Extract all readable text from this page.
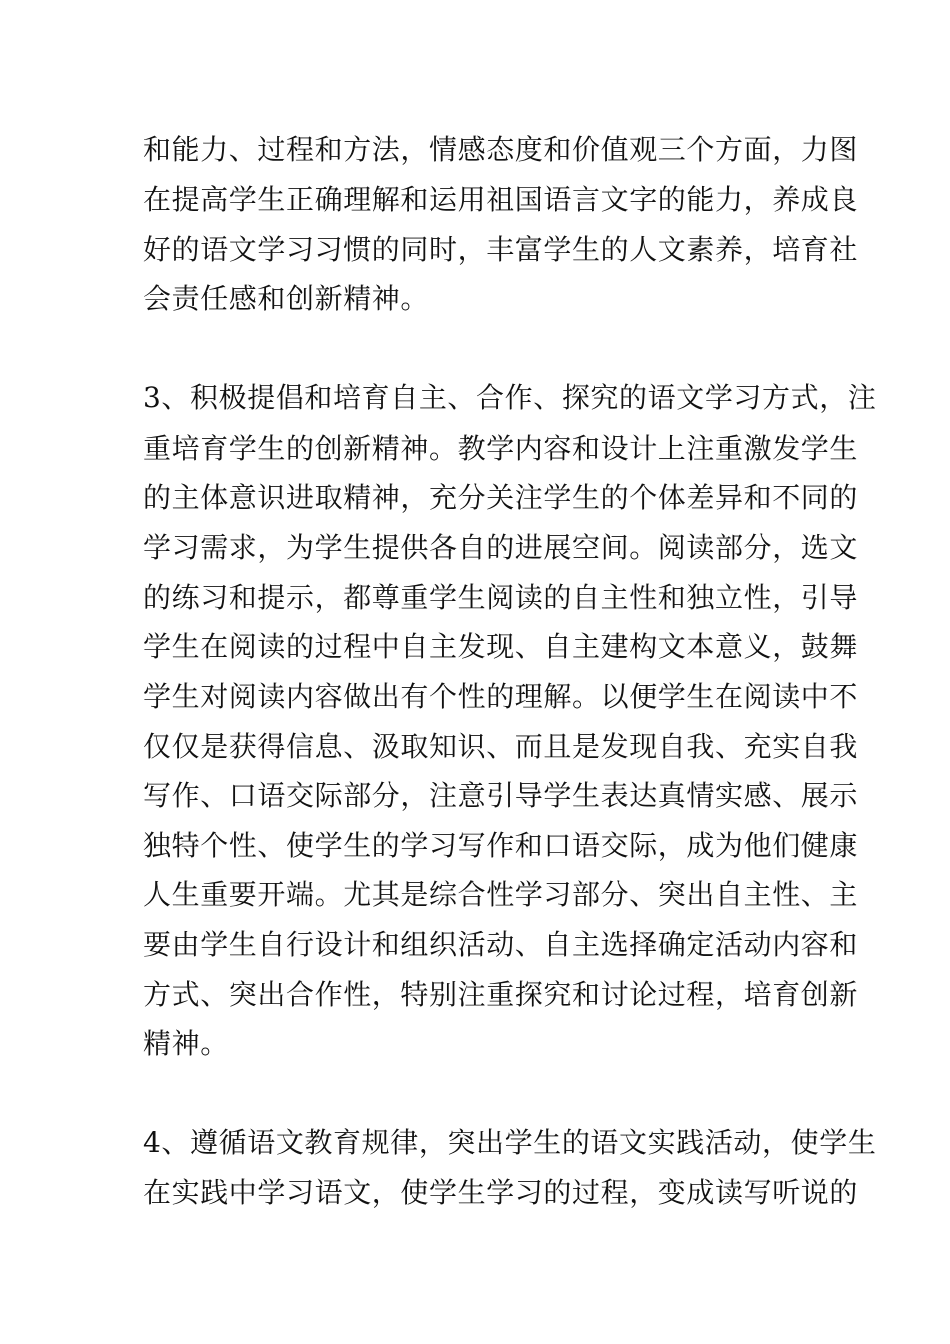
和能力、过程和方法，情感态度和价值观三个方面，力图
在提高学生正确理解和运用祖国语言文字的能力，养成良
好的语文学习习惯的同时，丰富学生的人文素养，培育社
会责任感和创新精神。
3、积极提倡和培育自主、合作、探究的语文学习方式，注
重培育学生的创新精神。教学内容和设计上注重激发学生
的主体意识进取精神，充分关注学生的个体差异和不同的
学习需求，为学生提供各自的进展空间。阅读部分，选文
的练习和提示，都尊重学生阅读的自主性和独立性，引导
学生在阅读的过程中自主发现、自主建构文本意义，鼓舞
学生对阅读内容做出有个性的理解。以便学生在阅读中不
仅仅是获得信息、汲取知识、而且是发现自我、充实自我
写作、口语交际部分，注意引导学生表达真情实感、展示
独特个性、使学生的学习写作和口语交际，成为他们健康
人生重要开端。尤其是综合性学习部分、突出自主性、主
要由学生自行设计和组织活动、自主选择确定活动内容和
方式、突出合作性，特别注重探究和讨论过程，培育创新
精神。
4、遵循语文教育规律，突出学生的语文实践活动，使学生
在实践中学习语文，使学生学习的过程，变成读写听说的
